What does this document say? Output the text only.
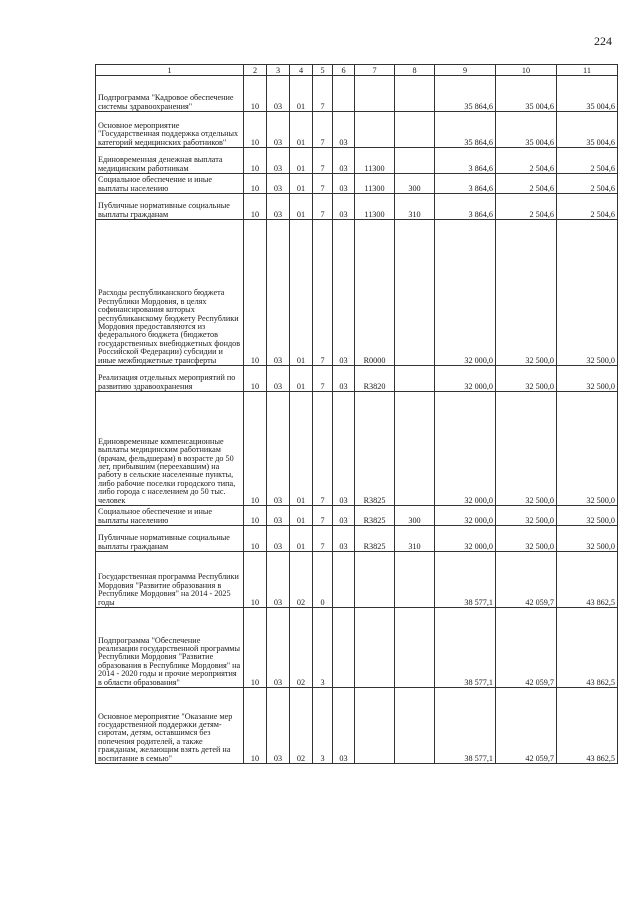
224
1	2	3	4	5	6	7	8	9	10	11
Подпрограмма "Кадровое обеспечение системы здравоохранения"	10	03	01	7				35 864,6	35 004,6	35 004,6
Основное мероприятие "Государственная поддержка отдельных категорий медицинских работников"	10	03	01	7	03			35 864,6	35 004,6	35 004,6
Единовременная денежная выплата медицинским работникам	10	03	01	7	03	11300		3 864,6	2 504,6	2 504,6
Социальное обеспечение и иные выплаты населению	10	03	01	7	03	11300	300	3 864,6	2 504,6	2 504,6
Публичные нормативные социальные выплаты гражданам	10	03	01	7	03	11300	310	3 864,6	2 504,6	2 504,6
Расходы республиканского бюджета Республики Мордовия, в целях софинансирования которых республиканскому бюджету Республики Мордовия предоставляются из федерального бюджета (бюджетов государственных внебюджетных фондов Российской Федерации) субсидии и иные межбюджетные трансферты	10	03	01	7	03	R0000		32 000,0	32 500,0	32 500,0
Реализация отдельных мероприятий по развитию здравоохранения	10	03	01	7	03	R3820		32 000,0	32 500,0	32 500,0
Единовременные компенсационные выплаты медицинским работникам (врачам, фельдшерам) в возрасте до 50 лет, прибывшим (переехавшим) на работу в сельские населенные пункты, либо рабочие поселки городского типа, либо города с населением до 50 тыс. человек	10	03	01	7	03	R3825		32 000,0	32 500,0	32 500,0
Социальное обеспечение и иные выплаты населению	10	03	01	7	03	R3825	300	32 000,0	32 500,0	32 500,0
Публичные нормативные социальные выплаты гражданам	10	03	01	7	03	R3825	310	32 000,0	32 500,0	32 500,0
Государственная программа Республики Мордовия "Развитие образования в Республике Мордовия" на 2014 - 2025 годы	10	03	02	0				38 577,1	42 059,7	43 862,5
Подпрограмма "Обеспечение реализации государственной программы Республики Мордовия "Развитие образования в Республике Мордовия" на 2014 - 2020 годы и прочие мероприятия в области образования"	10	03	02	3				38 577,1	42 059,7	43 862,5
Основное мероприятие "Оказание мер государственной поддержки детям-сиротам, детям, оставшимся без попечения родителей, а также гражданам, желающим взять детей на воспитание в семью"	10	03	02	3	03			38 577,1	42 059,7	43 862,5
